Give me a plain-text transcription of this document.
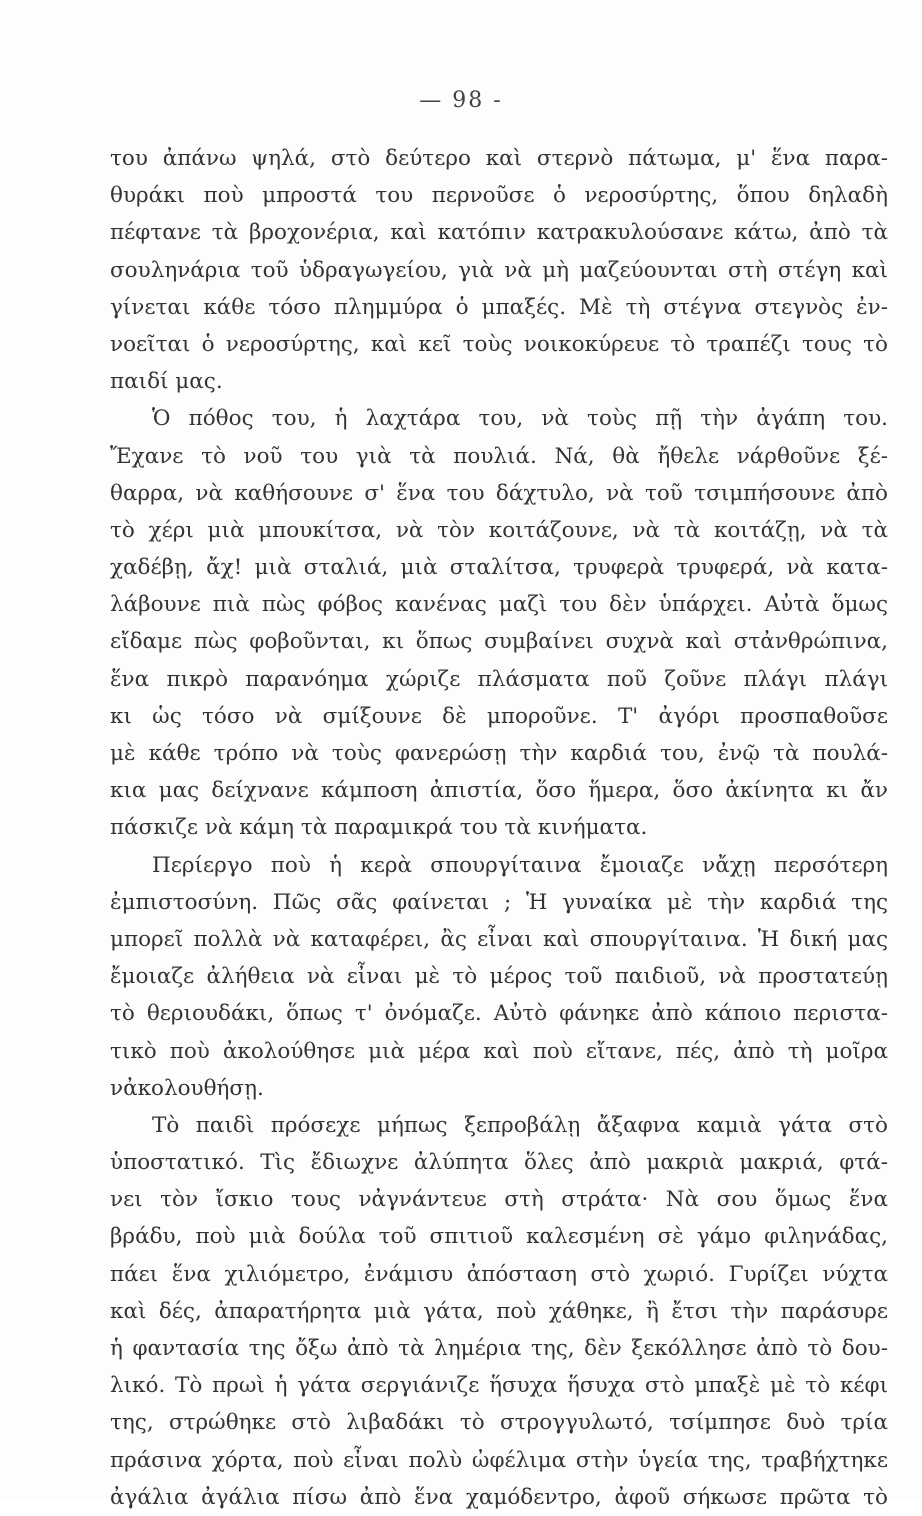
— 98 -
του ἀπάνω ψηλά, στὸ δεύτερο καὶ στερνὸ πάτωμα, μ' ἕνα παρα-
θυράκι ποὺ μπροστά του περνοῦσε ὁ νεροσύρτης, ὅπου δηλαδὴ
πέφτανε τὰ βροχονέρια, καὶ κατόπιν κατρακυλούσανε κάτω, ἀπὸ τὰ
σουληνάρια τοῦ ὑδραγωγείου, γιὰ νὰ μὴ μαζεύουνται στὴ στέγη καὶ
γίνεται κάθε τόσο πλημμύρα ὁ μπαξές. Μὲ τὴ στέγνα στεγνὸς ἐν-
νοεῖται ὁ νεροσύρτης, καὶ κεῖ τοὺς νοικοκύρευε τὸ τραπέζι τους τὸ
παιδί μας.
Ὁ πόθος του, ἡ λαχτάρα του, νὰ τοὺς πῇ τὴν ἀγάπη του.
Ἔχανε τὸ νοῦ του γιὰ τὰ πουλιά. Νά, θὰ ἤθελε νάρθοῦνε ξέ-
θαρρα, νὰ καθήσουνε σ' ἕνα του δάχτυλο, νὰ τοῦ τσιμπήσουνε ἀπὸ
τὸ χέρι μιὰ μπουκίτσα, νὰ τὸν κοιτάζουνε, νὰ τὰ κοιτάζῃ, νὰ τὰ
χαδέβῃ, ἄχ! μιὰ σταλιά, μιὰ σταλίτσα, τρυφερὰ τρυφερά, νὰ κατα-
λάβουνε πιὰ πὼς φόβος κανένας μαζὶ του δὲν ὑπάρχει. Αὐτὰ ὅμως
εἴδαμε πὼς φοβοῦνται, κι ὅπως συμβαίνει συχνὰ καὶ στἀνθρώπινα,
ἕνα πικρὸ παρανόημα χώριζε πλάσματα ποῦ ζοῦνε πλάγι πλάγι
κι ὡς τόσο νὰ σμίξουνε δὲ μποροῦνε. Τ' ἀγόρι προσπαθοῦσε
μὲ κάθε τρόπο νὰ τοὺς φανερώσῃ τὴν καρδιά του, ἐνῷ τὰ πουλά-
κια μας δείχνανε κάμποση ἀπιστία, ὅσο ἥμερα, ὅσο ἀκίνητα κι ἄν
πάσκιζε νὰ κάμη τὰ παραμικρά του τὰ κινήματα.
Περίεργο ποὺ ἡ κερὰ σπουργίταινα ἔμοιαζε νἄχῃ περσότερη
ἐμπιστοσύνη. Πῶς σᾶς φαίνεται ; Ἡ γυναίκα μὲ τὴν καρδιά της
μπορεῖ πολλὰ νὰ καταφέρει, ἂς εἶναι καὶ σπουργίταινα. Ἡ δική μας
ἔμοιαζε ἀλήθεια νὰ εἶναι μὲ τὸ μέρος τοῦ παιδιοῦ, νὰ προστατεύῃ
τὸ θεριουδάκι, ὅπως τ' ὀνόμαζε. Αὐτὸ φάνηκε ἀπὸ κάποιο περιστα-
τικὸ ποὺ ἀκολούθησε μιὰ μέρα καὶ ποὺ εἴτανε, πές, ἀπὸ τὴ μοῖρα
νἀκολουθήσῃ.
Τὸ παιδὶ πρόσεχε μήπως ξεπροβάλῃ ἄξαφνα καμιὰ γάτα στὸ
ὑποστατικό. Τὶς ἔδιωχνε ἀλύπητα ὅλες ἀπὸ μακριὰ μακριά, φτά-
νει τὸν ἴσκιο τους νἀγνάντευε στὴ στράτα· Νὰ σου ὅμως ἕνα
βράδυ, ποὺ μιὰ δούλα τοῦ σπιτιοῦ καλεσμένη σὲ γάμο φιληνάδας,
πάει ἕνα χιλιόμετρο, ἐνάμισυ ἀπόσταση στὸ χωριό. Γυρίζει νύχτα
καὶ δές, ἀπαρατήρητα μιὰ γάτα, ποὺ χάθηκε, ἢ ἔτσι τὴν παράσυρε
ἡ φαντασία της ὄξω ἀπὸ τὰ λημέρια της, δὲν ξεκόλλησε ἀπὸ τὸ δου-
λικό. Τὸ πρωὶ ἡ γάτα σεργιάνιζε ἥσυχα ἥσυχα στὸ μπαξὲ μὲ τὸ κέφι
της, στρώθηκε στὸ λιβαδάκι τὸ στρογγυλωτό, τσίμπησε δυὸ τρία
πράσινα χόρτα, ποὺ εἶναι πολὺ ὠφέλιμα στὴν ὑγεία της, τραβήχτηκε
ἀγάλια ἀγάλια πίσω ἀπὸ ἕνα χαμόδεντρο, ἀφοῦ σήκωσε πρῶτα τὸ
